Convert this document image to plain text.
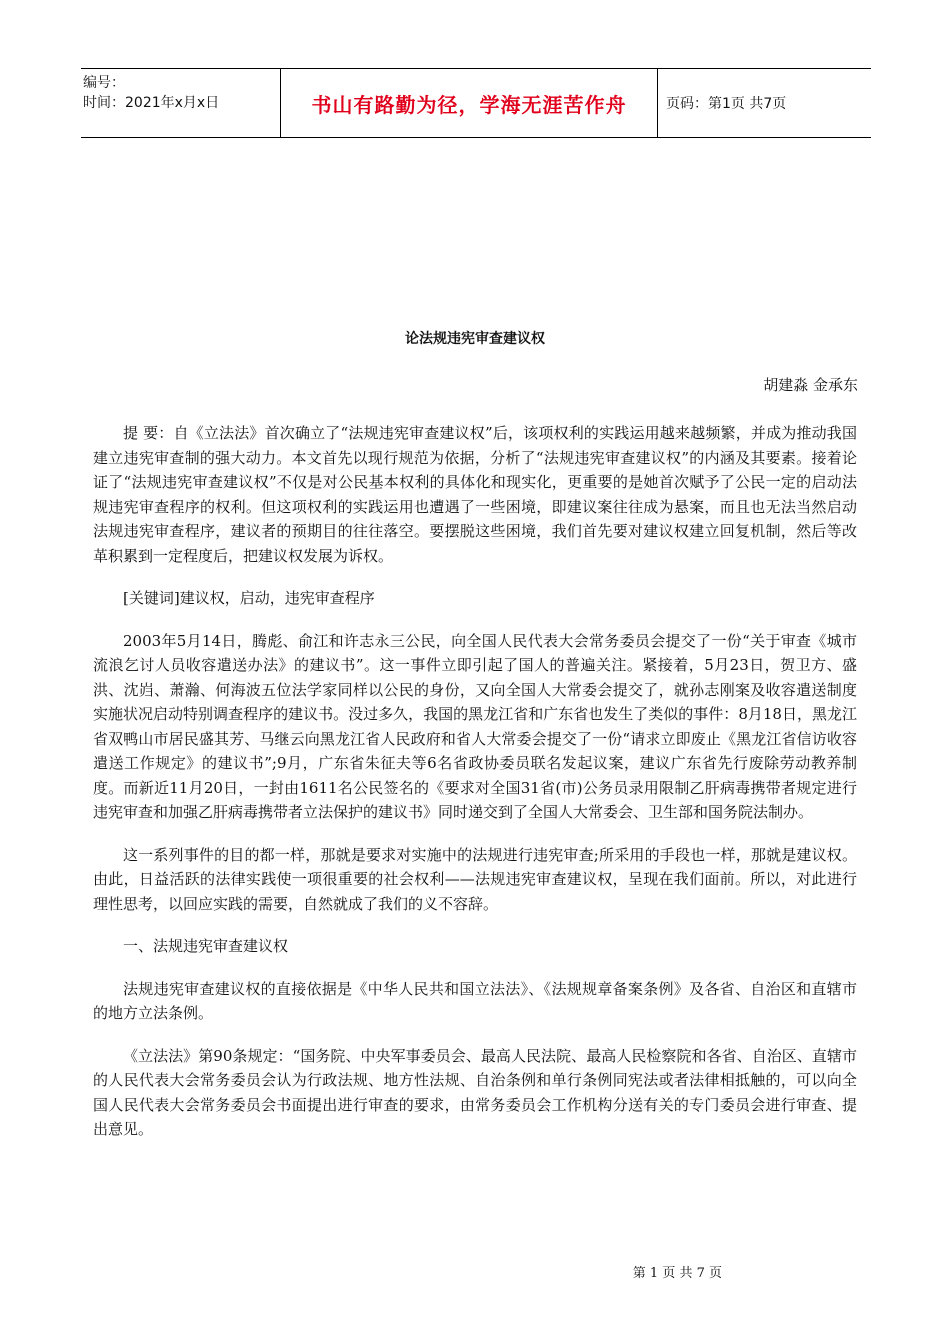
编号：
时间：2021年x月x日	书山有路勤为径，学海无涯苦作舟	页码：第1页 共7页
论法规违宪审查建议权
胡建淼 金承东

提 要：自《立法法》首次确立了“法规违宪审查建议权”后，该项权利的实践运用越来越频繁，并成为推动我国建立违宪审查制的强大动力。本文首先以现行规范为依据，分析了“法规违宪审查建议权”的内涵及其要素。接着论证了“法规违宪审查建议权”不仅是对公民基本权利的具体化和现实化，更重要的是她首次赋予了公民一定的启动法规违宪审查程序的权利。但这项权利的实践运用也遭遇了一些困境，即建议案往往成为悬案，而且也无法当然启动法规违宪审查程序，建议者的预期目的往往落空。要摆脱这些困境，我们首先要对建议权建立回复机制，然后等改革积累到一定程度后，把建议权发展为诉权。

[关键词]建议权，启动，违宪审查程序

2003年5月14日，腾彪、俞江和许志永三公民，向全国人民代表大会常务委员会提交了一份“关于审查《城市流浪乞讨人员收容遣送办法》的建议书”。这一事件立即引起了国人的普遍关注。紧接着，5月23日，贺卫方、盛洪、沈岿、萧瀚、何海波五位法学家同样以公民的身份，又向全国人大常委会提交了，就孙志刚案及收容遣送制度实施状况启动特别调查程序的建议书。没过多久，我国的黑龙江省和广东省也发生了类似的事件：8月18日，黑龙江省双鸭山市居民盛其芳、马继云向黑龙江省人民政府和省人大常委会提交了一份“请求立即废止《黑龙江省信访收容遣送工作规定》的建议书”;9月，广东省朱征夫等6名省政协委员联名发起议案，建议广东省先行废除劳动教养制度。而新近11月20日，一封由1611名公民签名的《要求对全国31省(市)公务员录用限制乙肝病毒携带者规定进行违宪审查和加强乙肝病毒携带者立法保护的建议书》同时递交到了全国人大常委会、卫生部和国务院法制办。

这一系列事件的目的都一样，那就是要求对实施中的法规进行违宪审查;所采用的手段也一样，那就是建议权。由此，日益活跃的法律实践使一项很重要的社会权利——法规违宪审查建议权，呈现在我们面前。所以，对此进行理性思考，以回应实践的需要，自然就成了我们的义不容辞。

一、法规违宪审查建议权

法规违宪审查建议权的直接依据是《中华人民共和国立法法》、《法规规章备案条例》及各省、自治区和直辖市的地方立法条例。

《立法法》第90条规定：“国务院、中央军事委员会、最高人民法院、最高人民检察院和各省、自治区、直辖市的人民代表大会常务委员会认为行政法规、地方性法规、自治条例和单行条例同宪法或者法律相抵触的，可以向全国人民代表大会常务委员会书面提出进行审查的要求，由常务委员会工作机构分送有关的专门委员会进行审查、提出意见。

第 1 页 共 7 页
